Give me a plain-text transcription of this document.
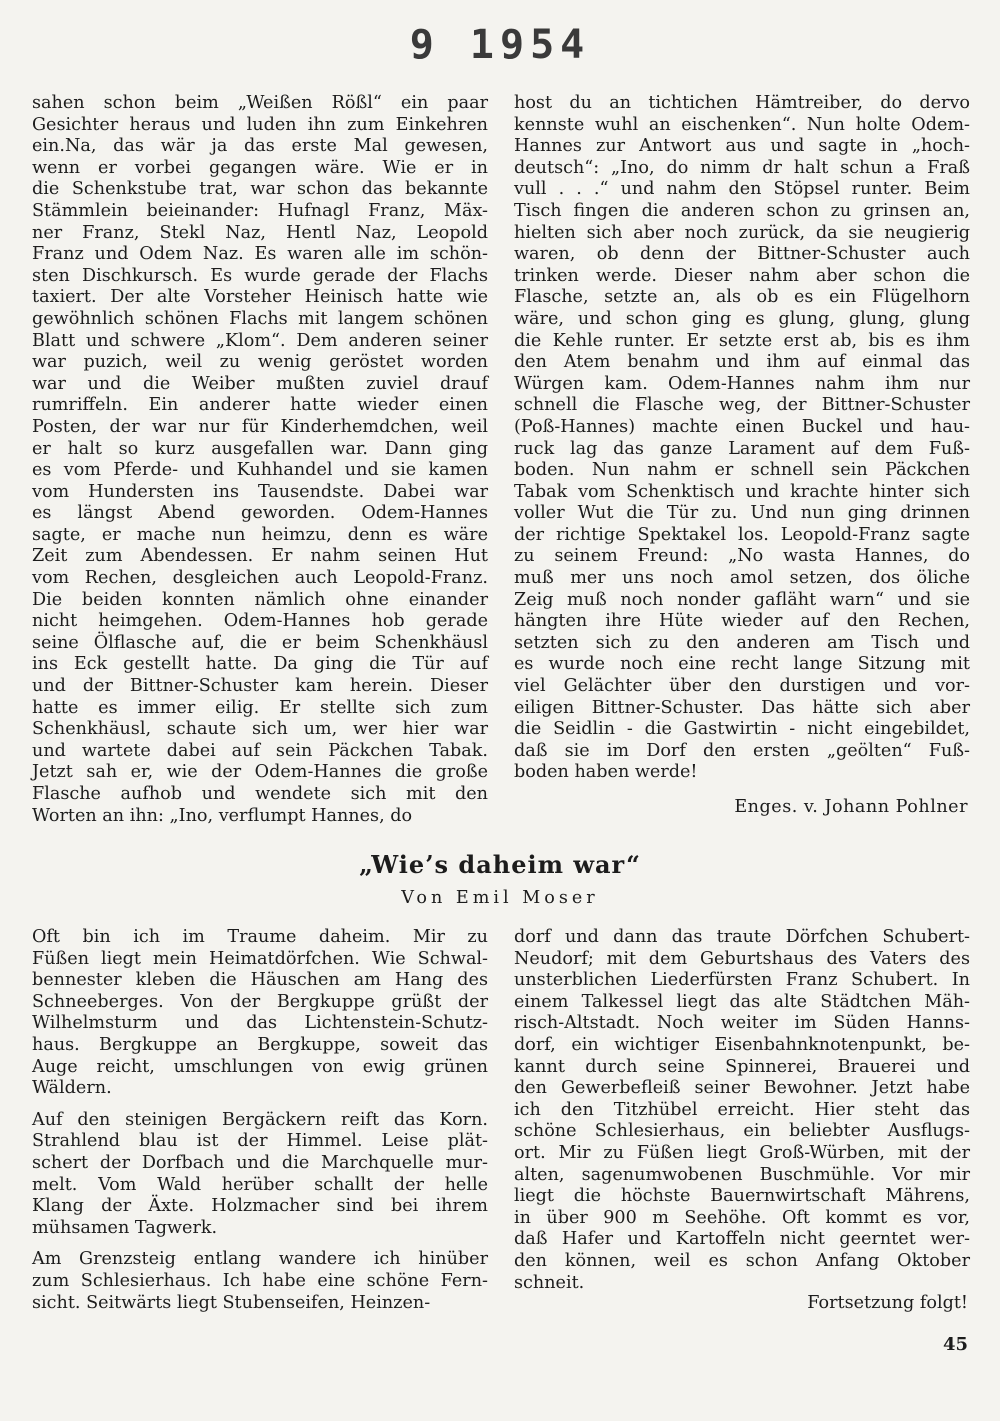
9 1954
sahen schon beim „Weißen Rößl“ ein paar
Gesichter heraus und luden ihn zum Einkehren
ein.Na, das wär ja das erste Mal gewesen,
wenn er vorbei gegangen wäre. Wie er in
die Schenkstube trat, war schon das bekannte
Stämmlein beieinander: Hufnagl Franz, Mäx-
ner Franz, Stekl Naz, Hentl Naz, Leopold
Franz und Odem Naz. Es waren alle im schön-
sten Dischkursch. Es wurde gerade der Flachs
taxiert. Der alte Vorsteher Heinisch hatte wie
gewöhnlich schönen Flachs mit langem schönen
Blatt und schwere „Klom“. Dem anderen seiner
war puzich, weil zu wenig geröstet worden
war und die Weiber mußten zuviel drauf
rumriffeln. Ein anderer hatte wieder einen
Posten, der war nur für Kinderhemdchen, weil
er halt so kurz ausgefallen war. Dann ging
es vom Pferde- und Kuhhandel und sie kamen
vom Hundersten ins Tausendste. Dabei war
es längst Abend geworden. Odem-Hannes
sagte, er mache nun heimzu, denn es wäre
Zeit zum Abendessen. Er nahm seinen Hut
vom Rechen, desgleichen auch Leopold-Franz.
Die beiden konnten nämlich ohne einander
nicht heimgehen. Odem-Hannes hob gerade
seine Ölflasche auf, die er beim Schenkhäusl
ins Eck gestellt hatte. Da ging die Tür auf
und der Bittner-Schuster kam herein. Dieser
hatte es immer eilig. Er stellte sich zum
Schenkhäusl, schaute sich um, wer hier war
und wartete dabei auf sein Päckchen Tabak.
Jetzt sah er, wie der Odem-Hannes die große
Flasche aufhob und wendete sich mit den
Worten an ihn: „Ino, verflumpt Hannes, do
host du an tichtichen Hämtreiber, do dervo
kennste wuhl an eischenken“. Nun holte Odem-
Hannes zur Antwort aus und sagte in „hoch-
deutsch“: „Ino, do nimm dr halt schun a Fraß
vull . . .“ und nahm den Stöpsel runter. Beim
Tisch fingen die anderen schon zu grinsen an,
hielten sich aber noch zurück, da sie neugierig
waren, ob denn der Bittner-Schuster auch
trinken werde. Dieser nahm aber schon die
Flasche, setzte an, als ob es ein Flügelhorn
wäre, und schon ging es glung, glung, glung
die Kehle runter. Er setzte erst ab, bis es ihm
den Atem benahm und ihm auf einmal das
Würgen kam. Odem-Hannes nahm ihm nur
schnell die Flasche weg, der Bittner-Schuster
(Poß-Hannes) machte einen Buckel und hau-
ruck lag das ganze Larament auf dem Fuß-
boden. Nun nahm er schnell sein Päckchen
Tabak vom Schenktisch und krachte hinter sich
voller Wut die Tür zu. Und nun ging drinnen
der richtige Spektakel los. Leopold-Franz sagte
zu seinem Freund: „No wasta Hannes, do
muß mer uns noch amol setzen, dos öliche
Zeig muß noch nonder gafläht warn“ und sie
hängten ihre Hüte wieder auf den Rechen,
setzten sich zu den anderen am Tisch und
es wurde noch eine recht lange Sitzung mit
viel Gelächter über den durstigen und vor-
eiligen Bittner-Schuster. Das hätte sich aber
die Seidlin - die Gastwirtin - nicht eingebildet,
daß sie im Dorf den ersten „geölten“ Fuß-
boden haben werde!
Enges. v. Johann Pohlner
„Wie’s daheim war“
Von Emil Moser
Oft bin ich im Traume daheim. Mir zu
Füßen liegt mein Heimatdörfchen. Wie Schwal-
bennester kleben die Häuschen am Hang des
Schneeberges. Von der Bergkuppe grüßt der
Wilhelmsturm und das Lichtenstein-Schutz-
haus. Bergkuppe an Bergkuppe, soweit das
Auge reicht, umschlungen von ewig grünen
Wäldern.
Auf den steinigen Bergäckern reift das Korn.
Strahlend blau ist der Himmel. Leise plät-
schert der Dorfbach und die Marchquelle mur-
melt. Vom Wald herüber schallt der helle
Klang der Äxte. Holzmacher sind bei ihrem
mühsamen Tagwerk.
Am Grenzsteig entlang wandere ich hinüber
zum Schlesierhaus. Ich habe eine schöne Fern-
sicht. Seitwärts liegt Stubenseifen, Heinzen-
dorf und dann das traute Dörfchen Schubert-
Neudorf; mit dem Geburtshaus des Vaters des
unsterblichen Liederfürsten Franz Schubert. In
einem Talkessel liegt das alte Städtchen Mäh-
risch-Altstadt. Noch weiter im Süden Hanns-
dorf, ein wichtiger Eisenbahnknotenpunkt, be-
kannt durch seine Spinnerei, Brauerei und
den Gewerbefleiß seiner Bewohner. Jetzt habe
ich den Titzhübel erreicht. Hier steht das
schöne Schlesierhaus, ein beliebter Ausflugs-
ort. Mir zu Füßen liegt Groß-Würben, mit der
alten, sagenumwobenen Buschmühle. Vor mir
liegt die höchste Bauernwirtschaft Mährens,
in über 900 m Seehöhe. Oft kommt es vor,
daß Hafer und Kartoffeln nicht geerntet wer-
den können, weil es schon Anfang Oktober
schneit.
Fortsetzung folgt!
45
